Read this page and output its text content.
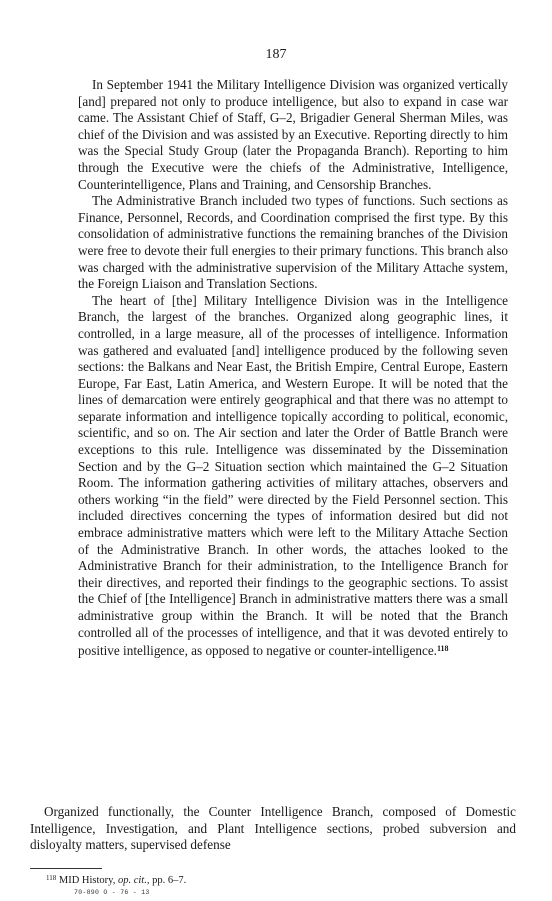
187

In September 1941 the Military Intelligence Division was organized vertically [and] prepared not only to produce intelligence, but also to expand in case war came. The Assistant Chief of Staff, G–2, Brigadier General Sherman Miles, was chief of the Division and was assisted by an Executive. Reporting directly to him was the Special Study Group (later the Propaganda Branch). Reporting to him through the Executive were the chiefs of the Administrative, Intelligence, Counterintelligence, Plans and Training, and Censorship Branches.

The Administrative Branch included two types of functions. Such sections as Finance, Personnel, Records, and Coordination comprised the first type. By this consolidation of administrative functions the remaining branches of the Division were free to devote their full energies to their primary functions. This branch also was charged with the administrative supervision of the Military Attache system, the Foreign Liaison and Translation Sections.

The heart of [the] Military Intelligence Division was in the Intelligence Branch, the largest of the branches. Organized along geographic lines, it controlled, in a large measure, all of the processes of intelligence. Information was gathered and evaluated [and] intelligence produced by the following seven sections: the Balkans and Near East, the British Empire, Central Europe, Eastern Europe, Far East, Latin America, and Western Europe. It will be noted that the lines of demarcation were entirely geographical and that there was no attempt to separate information and intelligence topically according to political, economic, scientific, and so on. The Air section and later the Order of Battle Branch were exceptions to this rule. Intelligence was disseminated by the Dissemination Section and by the G–2 Situation section which maintained the G–2 Situation Room. The information gathering activities of military attaches, observers and others working “in the field” were directed by the Field Personnel section. This included directives concerning the types of information desired but did not embrace administrative matters which were left to the Military Attache Section of the Administrative Branch. In other words, the attaches looked to the Administrative Branch for their administration, to the Intelligence Branch for their directives, and reported their findings to the geographic sections. To assist the Chief of [the Intelligence] Branch in administrative matters there was a small administrative group within the Branch. It will be noted that the Branch controlled all of the processes of intelligence, and that it was devoted entirely to positive intelligence, as opposed to negative or counter-intelligence.$^{118}$

Organized functionally, the Counter Intelligence Branch, composed of Domestic Intelligence, Investigation, and Plant Intelligence sections, probed subversion and disloyalty matters, supervised defense

$^{118}$ MID History, op. cit., pp. 6–7.
70-890 O - 76 - 13
